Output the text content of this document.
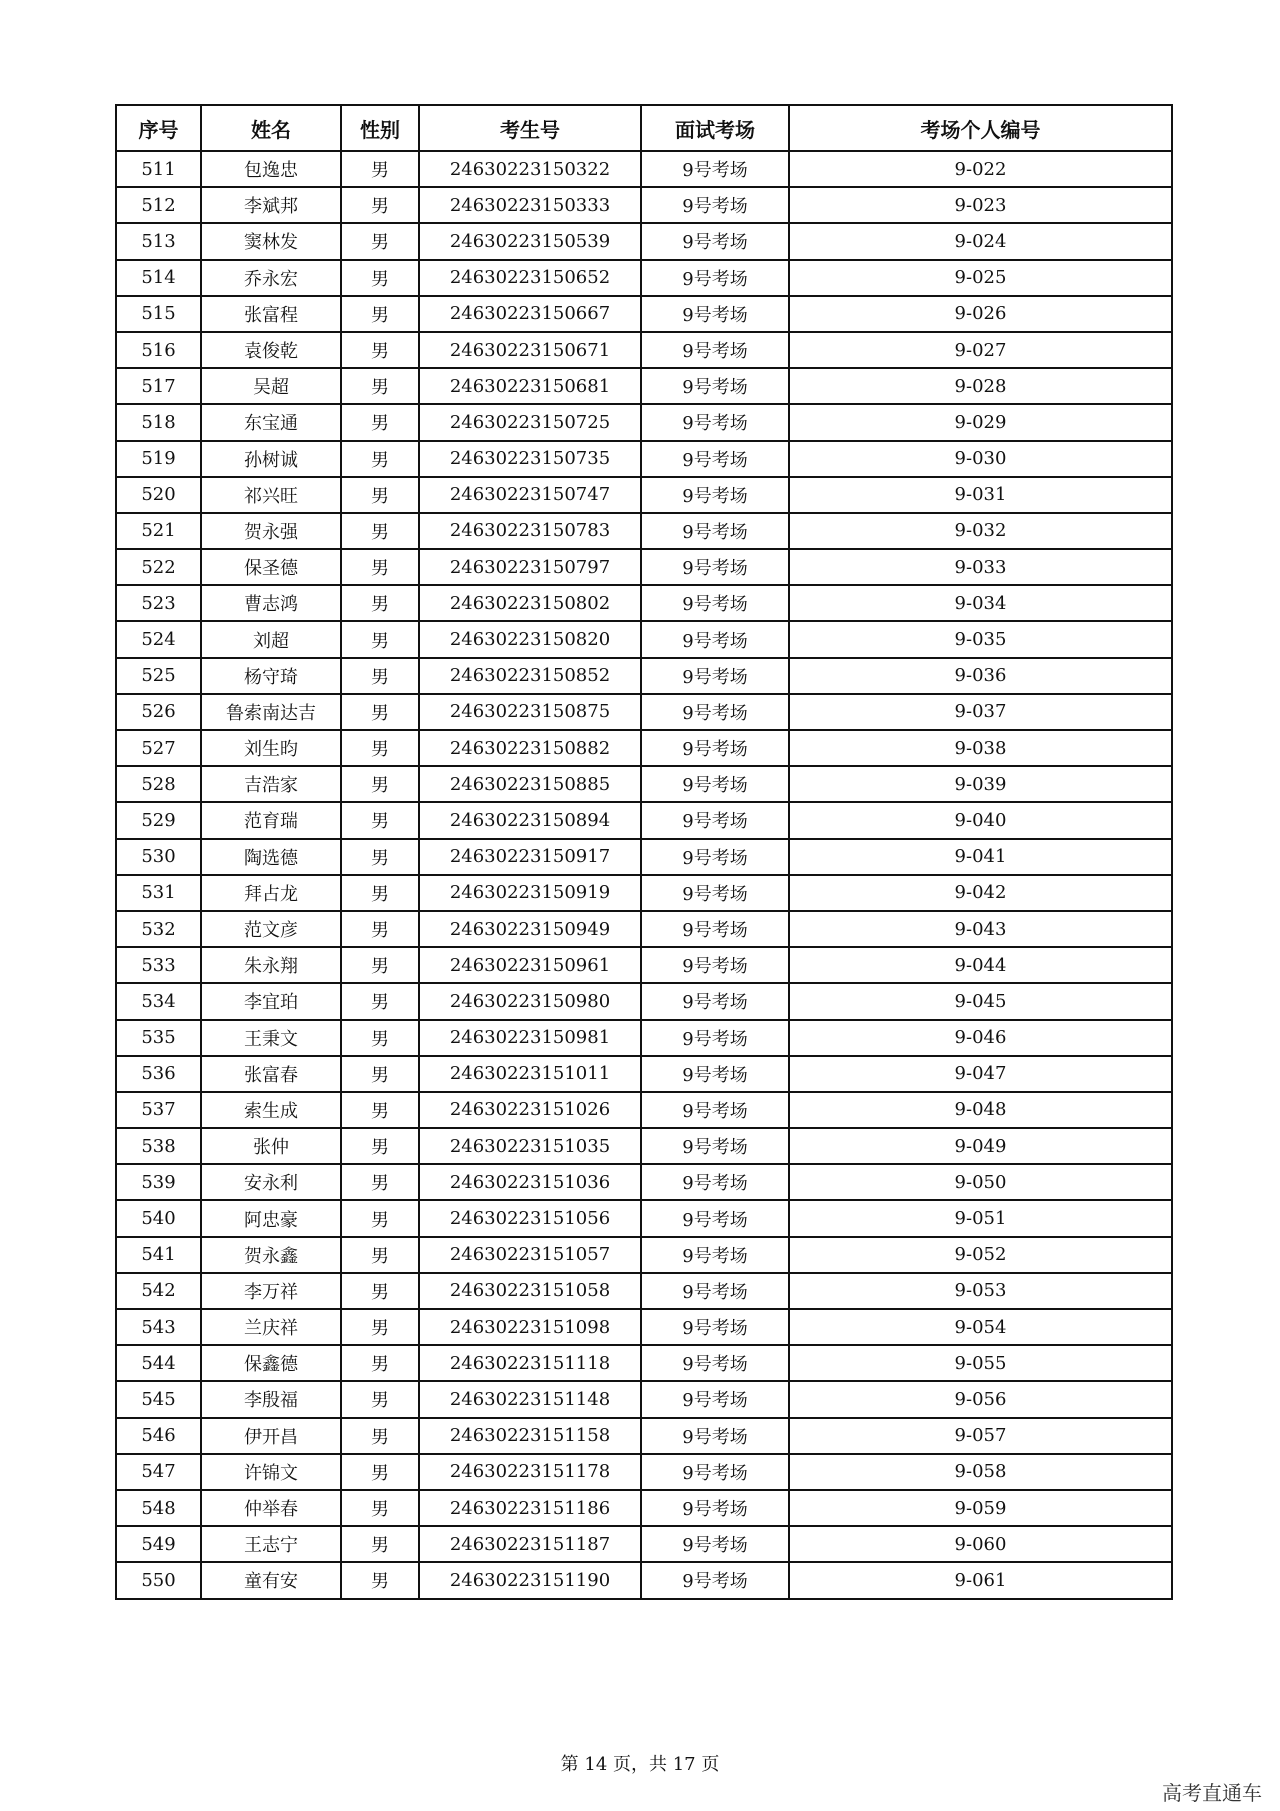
序号	姓名	性别	考生号	面试考场	考场个人编号
511	包逸忠	男	24630223150322	9号考场	9-022
512	李斌邦	男	24630223150333	9号考场	9-023
513	窦林发	男	24630223150539	9号考场	9-024
514	乔永宏	男	24630223150652	9号考场	9-025
515	张富程	男	24630223150667	9号考场	9-026
516	袁俊乾	男	24630223150671	9号考场	9-027
517	吴超	男	24630223150681	9号考场	9-028
518	东宝通	男	24630223150725	9号考场	9-029
519	孙树诚	男	24630223150735	9号考场	9-030
520	祁兴旺	男	24630223150747	9号考场	9-031
521	贺永强	男	24630223150783	9号考场	9-032
522	保圣德	男	24630223150797	9号考场	9-033
523	曹志鸿	男	24630223150802	9号考场	9-034
524	刘超	男	24630223150820	9号考场	9-035
525	杨守琦	男	24630223150852	9号考场	9-036
526	鲁索南达吉	男	24630223150875	9号考场	9-037
527	刘生昀	男	24630223150882	9号考场	9-038
528	吉浩家	男	24630223150885	9号考场	9-039
529	范育瑞	男	24630223150894	9号考场	9-040
530	陶选德	男	24630223150917	9号考场	9-041
531	拜占龙	男	24630223150919	9号考场	9-042
532	范文彦	男	24630223150949	9号考场	9-043
533	朱永翔	男	24630223150961	9号考场	9-044
534	李宜珀	男	24630223150980	9号考场	9-045
535	王秉文	男	24630223150981	9号考场	9-046
536	张富春	男	24630223151011	9号考场	9-047
537	索生成	男	24630223151026	9号考场	9-048
538	张仲	男	24630223151035	9号考场	9-049
539	安永利	男	24630223151036	9号考场	9-050
540	阿忠豪	男	24630223151056	9号考场	9-051
541	贺永鑫	男	24630223151057	9号考场	9-052
542	李万祥	男	24630223151058	9号考场	9-053
543	兰庆祥	男	24630223151098	9号考场	9-054
544	保鑫德	男	24630223151118	9号考场	9-055
545	李殷福	男	24630223151148	9号考场	9-056
546	伊开昌	男	24630223151158	9号考场	9-057
547	许锦文	男	24630223151178	9号考场	9-058
548	仲举春	男	24630223151186	9号考场	9-059
549	王志宁	男	24630223151187	9号考场	9-060
550	童有安	男	24630223151190	9号考场	9-061
第 14 页，共 17 页
高考直通车
